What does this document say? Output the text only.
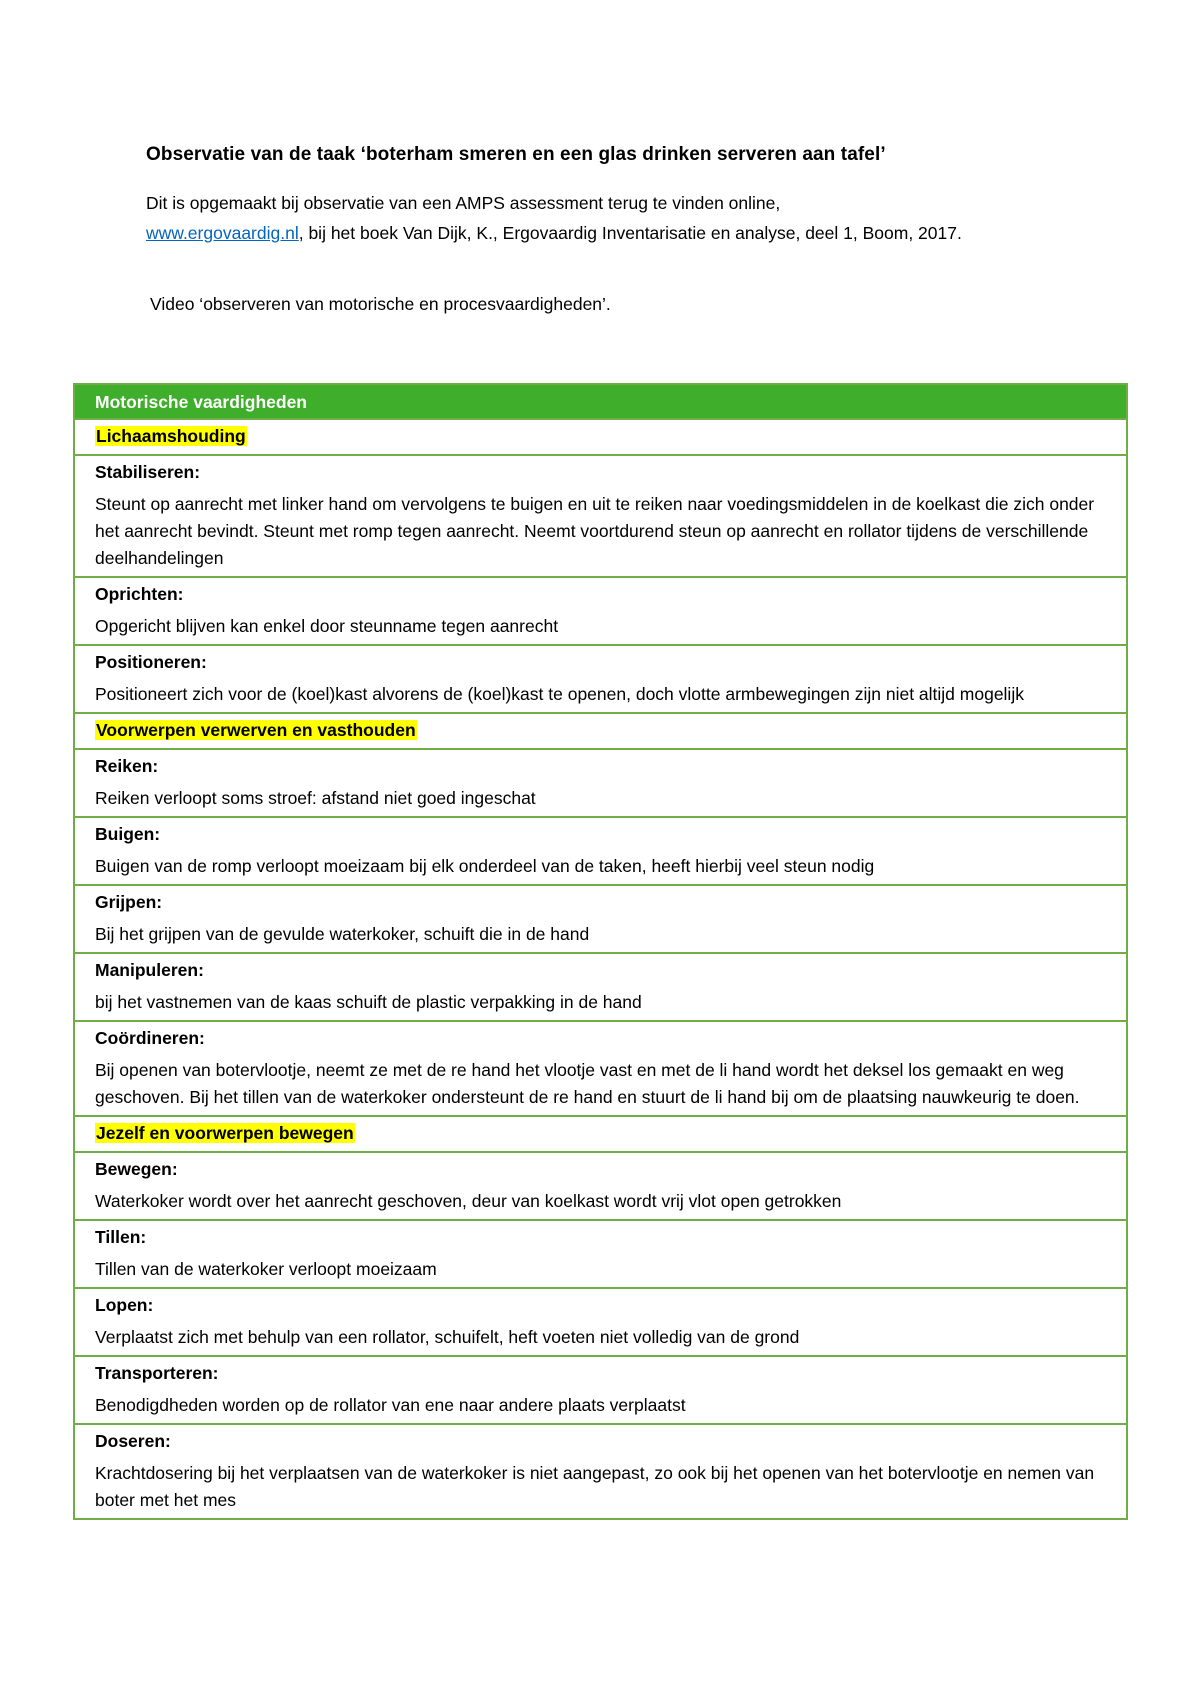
Observatie van de taak ‘boterham smeren en een glas drinken serveren aan tafel’
Dit is opgemaakt bij observatie van een AMPS assessment terug te vinden online,
www.ergovaardig.nl, bij het boek Van Dijk, K., Ergovaardig Inventarisatie en analyse, deel 1, Boom, 2017.
Video ‘observeren van motorische en procesvaardigheden’.
Motorische vaardigheden
Lichaamshouding

Stabiliseren:
Steunt op aanrecht met linker hand om vervolgens te buigen en uit te reiken naar voedingsmiddelen in de koelkast die zich onder het aanrecht bevindt. Steunt met romp tegen aanrecht. Neemt voortdurend steun op aanrecht en rollator tijdens de verschillende deelhandelingen

Oprichten:
Opgericht blijven kan enkel door steunname tegen aanrecht

Positioneren:
Positioneert zich voor de (koel)kast alvorens de (koel)kast te openen, doch vlotte armbewegingen zijn niet altijd mogelijk

Voorwerpen verwerven en vasthouden

Reiken:
Reiken verloopt soms stroef: afstand niet goed ingeschat

Buigen:
Buigen van de romp verloopt moeizaam bij elk onderdeel van de taken, heeft hierbij veel steun nodig

Grijpen:
Bij het grijpen van de gevulde waterkoker, schuift die in de hand

Manipuleren:
bij het vastnemen van de kaas schuift de plastic verpakking in de hand

Coördineren:
Bij openen van botervlootje, neemt ze met de re hand het vlootje vast en met de li hand wordt het deksel los gemaakt en weg geschoven. Bij het tillen van de waterkoker ondersteunt de re hand en stuurt de li hand bij om de plaatsing nauwkeurig te doen.

Jezelf en voorwerpen bewegen

Bewegen:
Waterkoker wordt over het aanrecht geschoven, deur van koelkast wordt vrij vlot open getrokken

Tillen:
Tillen van de waterkoker verloopt moeizaam

Lopen:
Verplaatst zich met behulp van een rollator, schuifelt, heft voeten niet volledig van de grond

Transporteren:
Benodigdheden worden op de rollator van ene naar andere plaats verplaatst

Doseren:
Krachtdosering bij het verplaatsen van de waterkoker is niet aangepast, zo ook bij het openen van het botervlootje en nemen van boter met het mes
